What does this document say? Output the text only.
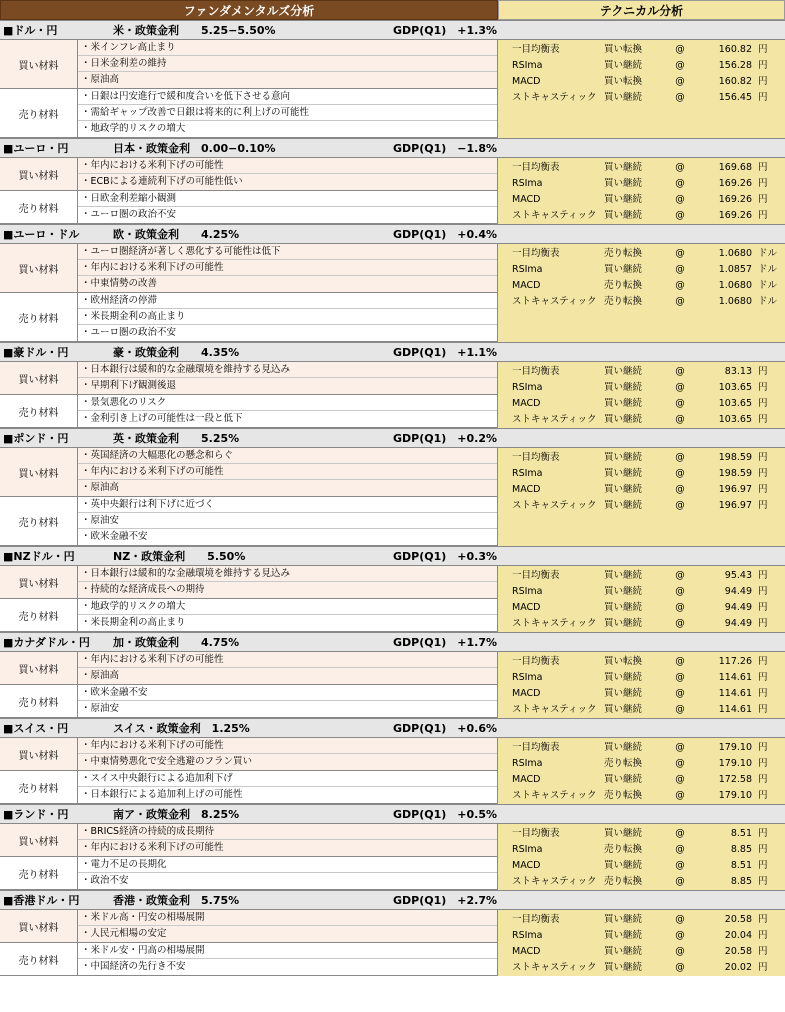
ファンダメンタルズ分析	テクニカル分析
■ドル・円	米・政策金利　　5.25−5.50%	GDP(Q1)　+1.3%
買い材料
・米インフレ高止まり
・日米金利差の維持
・原油高
売り材料
・日銀は円安進行で緩和度合いを低下させる意向
・需給ギャップ改善で日銀は将来的に利上げの可能性
・地政学的リスクの増大
一目均衡表	買い転換	@	160.82 円
RSIma	買い継続	@	156.28 円
MACD	買い転換	@	160.82 円
ストキャスティック 買い継続	@	156.45 円
■ユーロ・円	日本・政策金利　0.00−0.10%	GDP(Q1)　−1.8%
買い材料
・年内における米利下げの可能性
・ECBによる連続利下げの可能性低い
売り材料
・日欧金利差縮小観測
・ユーロ圏の政治不安
一目均衡表	買い継続	@	169.68 円
RSIma	買い継続	@	169.26 円
MACD	買い継続	@	169.26 円
ストキャスティック 買い継続	@	169.26 円
■ユーロ・ドル	欧・政策金利　　4.25%	GDP(Q1)　+0.4%
買い材料
・ユーロ圏経済が著しく悪化する可能性は低下
・年内における米利下げの可能性
・中東情勢の改善
売り材料
・欧州経済の停滞
・米長期金利の高止まり
・ユーロ圏の政治不安
一目均衡表	売り転換	@	1.0680 ドル
RSIma	買い継続	@	1.0857 ドル
MACD	売り転換	@	1.0680 ドル
ストキャスティック 売り転換	@	1.0680 ドル
■豪ドル・円	豪・政策金利　　4.35%	GDP(Q1)　+1.1%
買い材料
・日本銀行は緩和的な金融環境を維持する見込み
・早期利下げ観測後退
売り材料
・景気悪化のリスク
・金利引き上げの可能性は一段と低下
一目均衡表	買い継続	@	83.13 円
RSIma	買い継続	@	103.65 円
MACD	買い継続	@	103.65 円
ストキャスティック 買い継続	@	103.65 円
■ポンド・円	英・政策金利　　5.25%	GDP(Q1)　+0.2%
買い材料
・英国経済の大幅悪化の懸念和らぐ
・年内における米利下げの可能性
・原油高
売り材料
・英中央銀行は利下げに近づく
・原油安
・欧米金融不安
一目均衡表	買い継続	@	198.59 円
RSIma	買い継続	@	198.59 円
MACD	買い継続	@	196.97 円
ストキャスティック 買い継続	@	196.97 円
■NZドル・円	NZ・政策金利　　5.50%	GDP(Q1)　+0.3%
買い材料
・日本銀行は緩和的な金融環境を維持する見込み
・持続的な経済成長への期待
売り材料
・地政学的リスクの増大
・米長期金利の高止まり
一目均衡表	買い継続	@	95.43 円
RSIma	買い継続	@	94.49 円
MACD	買い継続	@	94.49 円
ストキャスティック 買い継続	@	94.49 円
■カナダドル・円	加・政策金利　　4.75%	GDP(Q1)　+1.7%
買い材料
・年内における米利下げの可能性
・原油高
売り材料
・欧米金融不安
・原油安
一目均衡表	買い転換	@	117.26 円
RSIma	買い継続	@	114.61 円
MACD	買い継続	@	114.61 円
ストキャスティック 買い継続	@	114.61 円
■スイス・円	スイス・政策金利　1.25%	GDP(Q1)　+0.6%
買い材料
・年内における米利下げの可能性
・中東情勢悪化で安全逃避のフラン買い
売り材料
・スイス中央銀行による追加利下げ
・日本銀行による追加利上げの可能性
一目均衡表	買い継続	@	179.10 円
RSIma	売り転換	@	179.10 円
MACD	買い継続	@	172.58 円
ストキャスティック 売り転換	@	179.10 円
■ランド・円	南ア・政策金利　8.25%	GDP(Q1)　+0.5%
買い材料
・BRICS経済の持続的成長期待
・年内における米利下げの可能性
売り材料
・電力不足の長期化
・政治不安
一目均衡表	買い継続	@	8.51 円
RSIma	売り転換	@	8.85 円
MACD	買い継続	@	8.51 円
ストキャスティック 売り転換	@	8.85 円
■香港ドル・円	香港・政策金利　5.75%	GDP(Q1)　+2.7%
買い材料
・米ドル高・円安の相場展開
・人民元相場の安定
売り材料
・米ドル安・円高の相場展開
・中国経済の先行き不安
一目均衡表	買い継続	@	20.58 円
RSIma	買い継続	@	20.04 円
MACD	買い継続	@	20.58 円
ストキャスティック 買い継続	@	20.02 円
